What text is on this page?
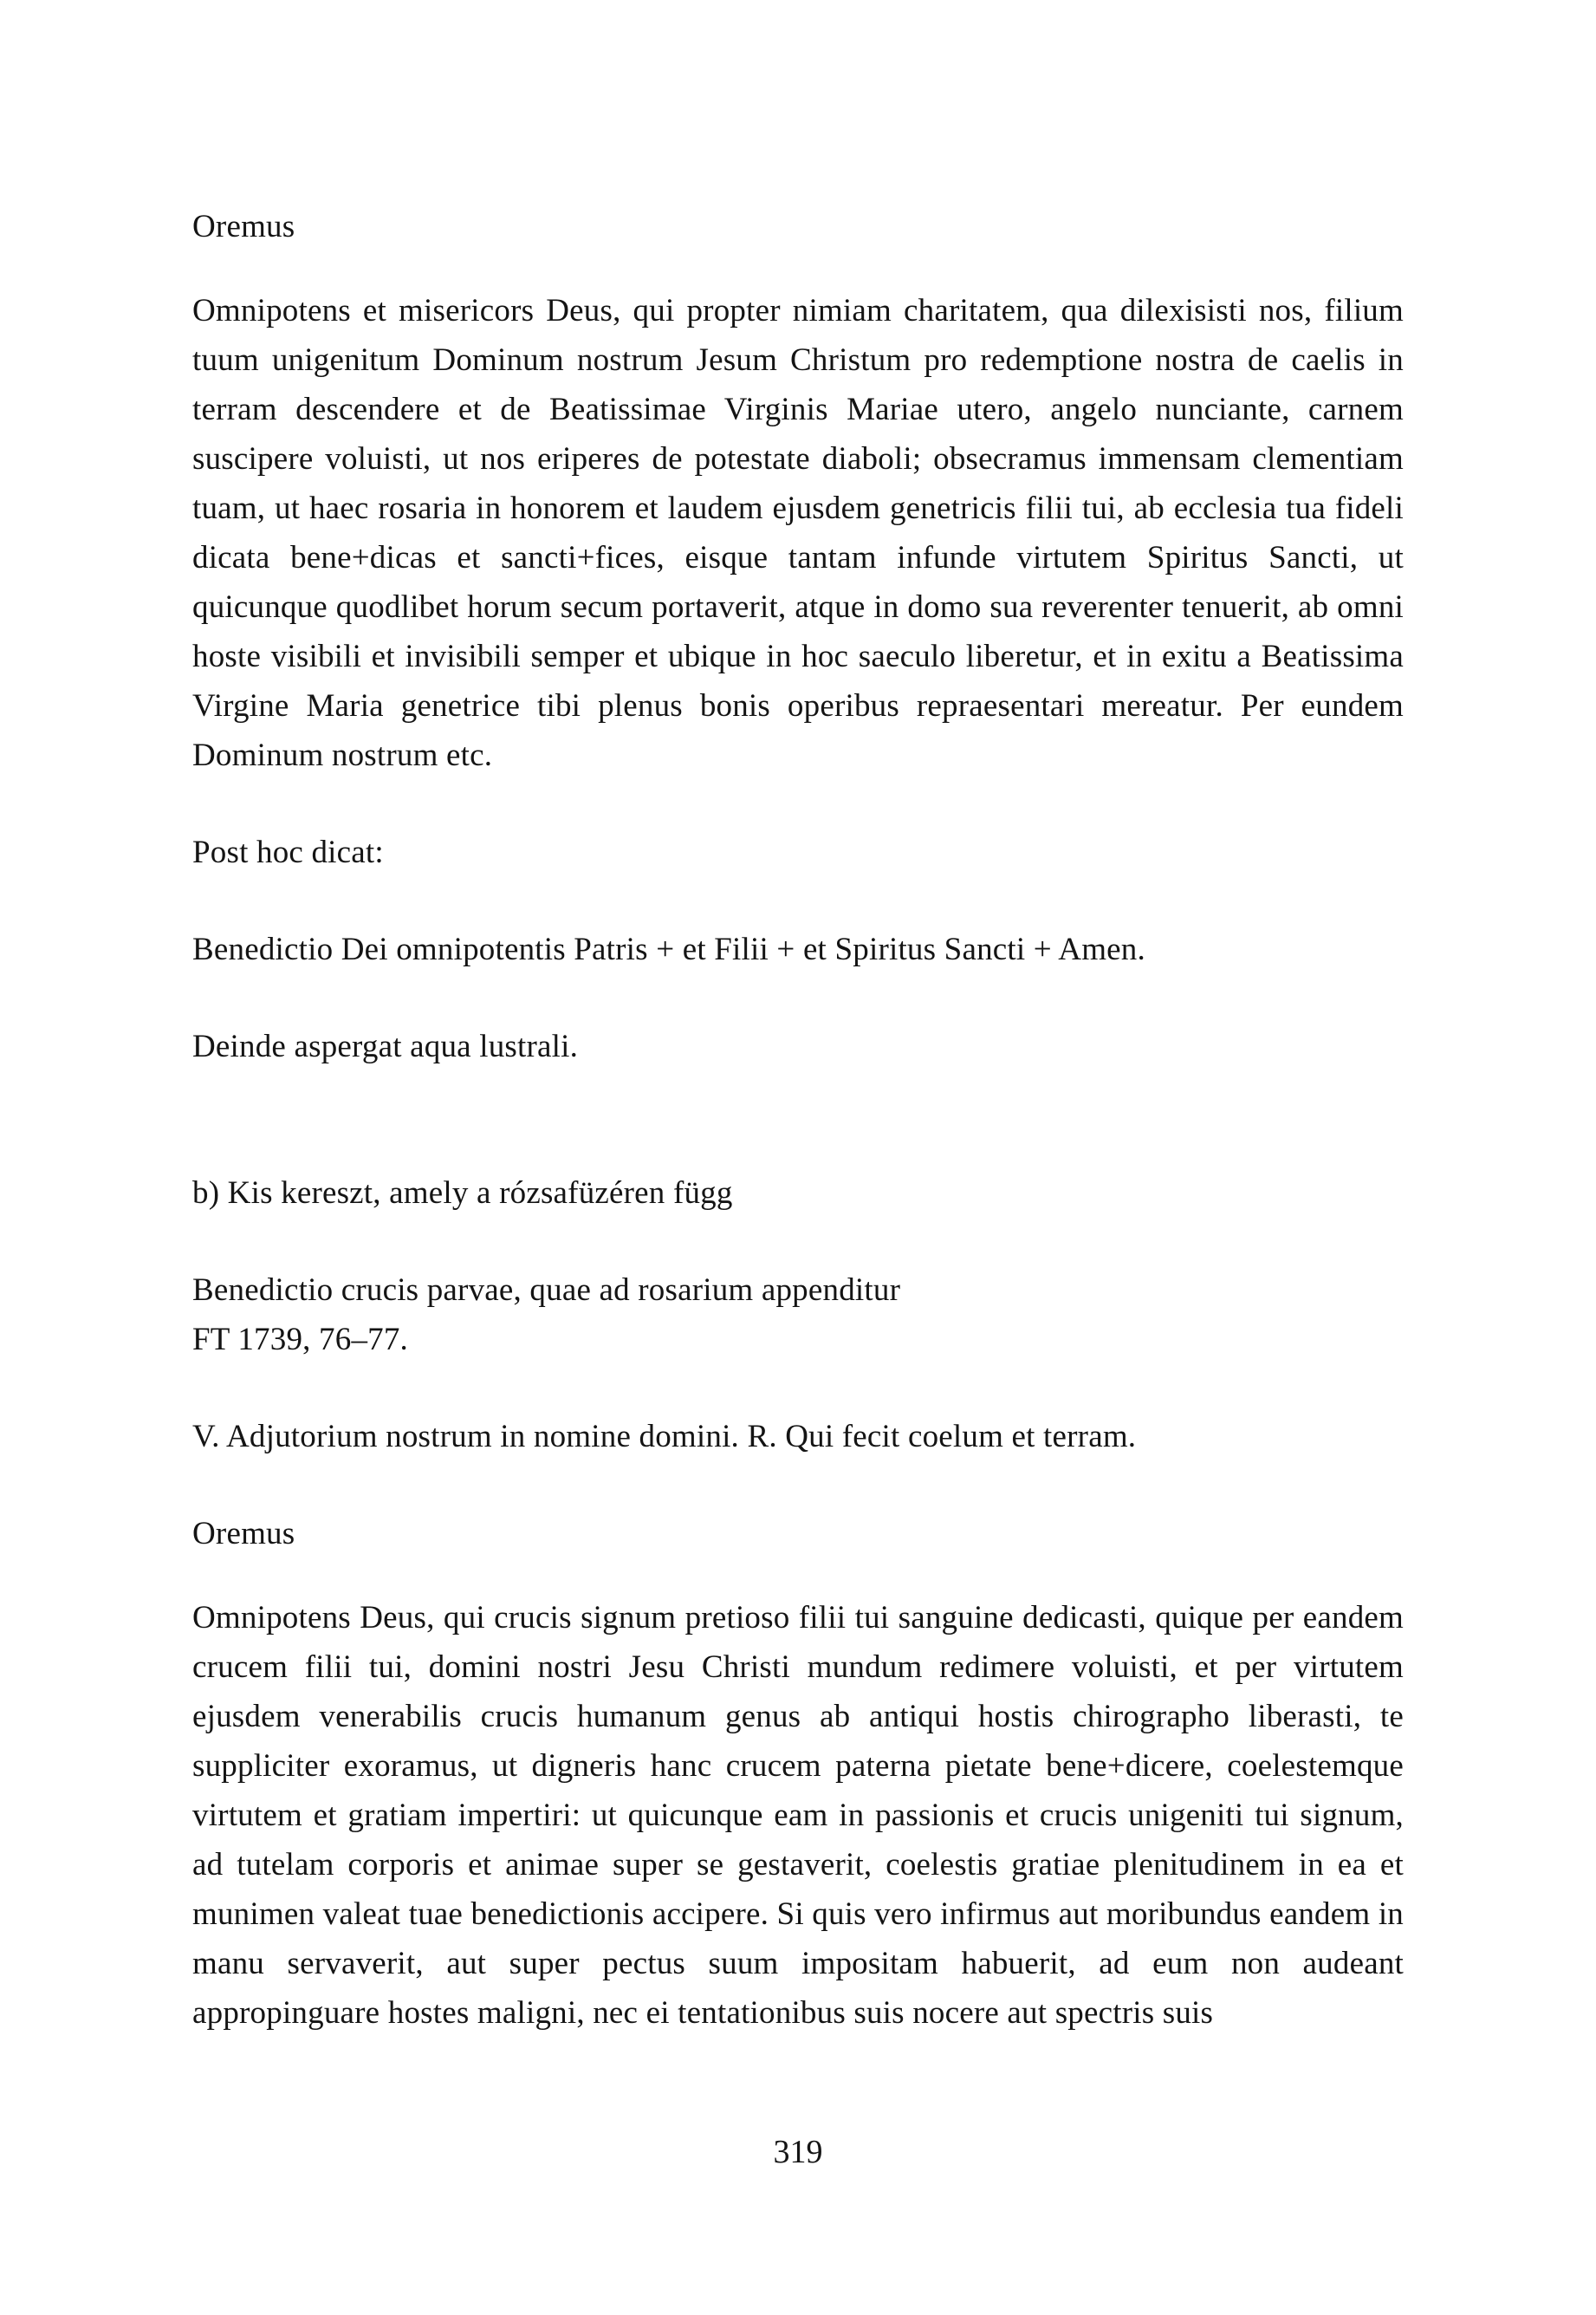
Oremus

Omnipotens et misericors Deus, qui propter nimiam charitatem, qua dilexisisti nos, filium tuum unigenitum Dominum nostrum Jesum Christum pro redemptione nostra de caelis in terram descendere et de Beatissimae Virginis Mariae utero, angelo nunciante, carnem suscipere voluisti, ut nos eriperes de potestate diaboli; obsecramus immensam clementiam tuam, ut haec rosaria in honorem et laudem ejusdem genetricis filii tui, ab ecclesia tua fideli dicata bene+dicas et sancti+fices, eisque tantam infunde virtutem Spiritus Sancti, ut quicunque quodlibet horum secum portaverit, atque in domo sua reverenter tenuerit, ab omni hoste visibili et invisibili semper et ubique in hoc saeculo liberetur, et in exitu a Beatissima Virgine Maria genetrice tibi plenus bonis operibus repraesentari mereatur. Per eundem Dominum nostrum etc.

Post hoc dicat:
Benedictio Dei omnipotentis Patris + et Filii + et Spiritus Sancti + Amen.
Deinde aspergat aqua lustrali.
b) Kis kereszt, amely a rózsafüzéren függ
Benedictio crucis parvae, quae ad rosarium appenditur
FT 1739, 76–77.
V. Adjutorium nostrum in nomine domini. R. Qui fecit coelum et terram.
Oremus

Omnipotens Deus, qui crucis signum pretioso filii tui sanguine dedicasti, quique per eandem crucem filii tui, domini nostri Jesu Christi mundum redimere voluisti, et per virtutem ejusdem venerabilis crucis humanum genus ab antiqui hostis chirographo liberasti, te suppliciter exoramus, ut digneris hanc crucem paterna pietate bene+dicere, coelestemque virtutem et gratiam impertiri: ut quicunque eam in passionis et crucis unigeniti tui signum, ad tutelam corporis et animae super se gestaverit, coelestis gratiae plenitudinem in ea et munimen valeat tuae benedictionis accipere. Si quis vero infirmus aut moribundus eandem in manu servaverit, aut super pectus suum impositam habuerit, ad eum non audeant appropinguare hostes maligni, nec ei tentationibus suis nocere aut spectris suis

319
